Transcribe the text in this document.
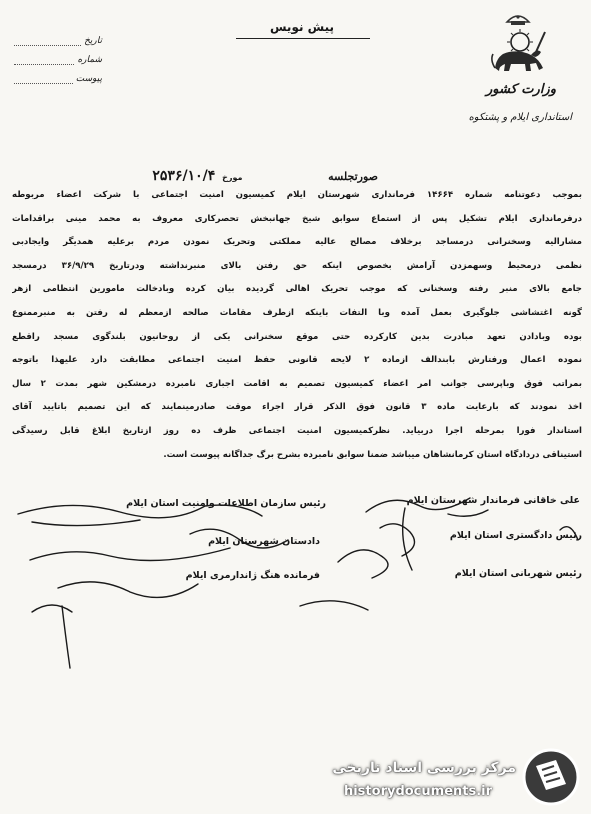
وزارت کشور
استانداری ایلام و پشتکوه
پیش نویس
تاریخ
شماره
پیوست
صورتجلسه  مورخ ۲۵۳۶/۱۰/۴

بموجب دعوتنامه شماره ۱۴۶۶۴ فرمانداری شهرستان ایلام کمیسیون امنیت اجتماعی با شرکت اعضاء مربوطه

درفرمانداری ایلام تشکیل پس از استماع سوابق شیخ جهانبخش تحصرکاری معروف به محمد مینی براقدامات

مشارالیه وسخنرانی درمساجد برخلاف مصالح عالیه مملکتی وتحریک نمودن مردم برعلیه همدیگر وایجادبی

نظمی درمحیط وسهمزدن آرامش بخصوص اینکه حق رفتن بالای منبرنداشته ودرتاریخ ۳۶/۹/۲۹ درمسجد

جامع بالای منبر رفته وسخنانی که موجب تحریک اهالی گردیده بیان کرده وبادخالت مامورین انتظامی ازهر

گونه اغتشاشی جلوگیری بعمل آمده وبا التفات باینکه ازطرف مقامات صالحه ازمعظم له رفتن به منبرممنوع

بوده وبادادن تعهد مبادرت بدین کارکرده حتی موقع سخنرانی یکی از روحانیون بلندگوی مسجد راقطع

نموده اعمال ورفتارش بابندالف ازماده ۲ لایحه قانونی حفظ امنیت اجتماعی مطابقت دارد علیهذا باتوجه

بمراتب فوق وباپرسی جوانب امر اعضاء کمیسیون تصمیم به اقامت اجباری نامبرده درمشکین شهر بمدت ۲ سال

اخذ نمودند که بارعایت ماده ۳ قانون فوق الذکر قرار اجراء موقت صادرمینمایند که این تصمیم باتایید آقای

استاندار فورا بمرحله اجرا دربیاید. نظرکمیسیون امنیت اجتماعی ظرف ده روز ازتاریخ ابلاغ قابل رسیدگی

استیناقی دردادگاه استان کرمانشاهان میباشد ضمنا سوابق نامبرده بشرح برگ جداگانه پیوست است.

علی خاقانی فرماندار شهرستان ایلام
رئیس سازمان اطلاعات وامنیت استان ایلام
رئیس دادگستری استان ایلام
دادستان شهرستان ایلام
رئیس شهربانی استان ایلام
فرمانده هنگ ژاندارمری ایلام
مرکز بررسی اسناد تاریخی
historydocuments.ir
